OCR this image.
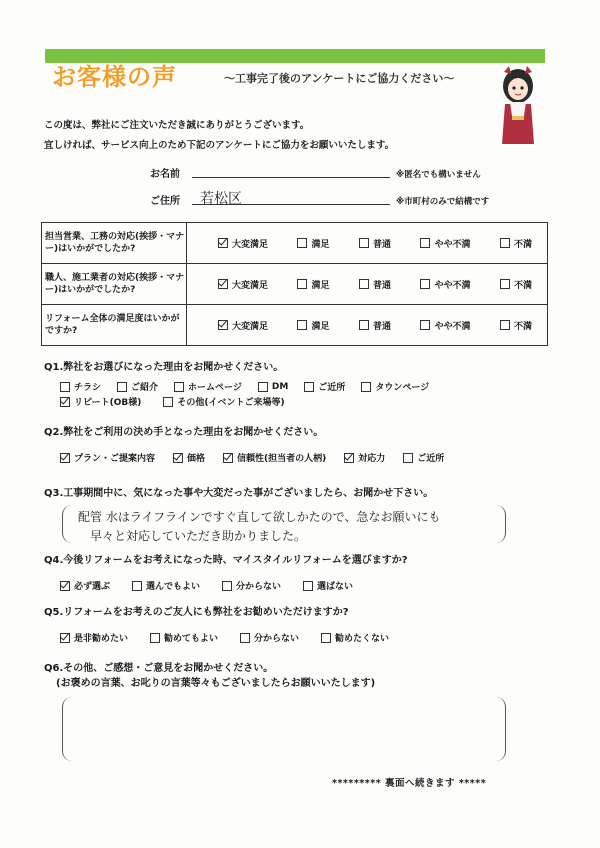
お客様の声	〜工事完了後のアンケートにご協力ください〜
この度は、弊社にご注文いただき誠にありがとうございます。
宜しければ、サービス向上のため下記のアンケートにご協力をお願いいたします。
お名前	※匿名でも構いません
ご住所 若松区	※市町村のみで結構です
担当営業、工務の対応(挨拶・マナー)はいかがでしたか?	大変満足 満足 普通 やや不満 不満

職人、施工業者の対応(挨拶・マナー)はいかがでしたか?	大変満足 満足 普通 やや不満 不満

リフォーム全体の満足度はいかがですか?	大変満足 満足 普通 やや不満 不満
Q1.弊社をお選びになった理由をお聞かせください。
チラシ	ご紹介	ホームページ	DM	ご近所	タウンページ
リピート(OB様)	その他(イベントご来場等)
Q2.弊社をご利用の決め手となった理由をお聞かせください。
プラン・ご提案内容	価格	信頼性(担当者の人柄)	対応力	ご近所
Q3.工事期間中に、気になった事や大変だった事がございましたら、お聞かせ下さい。
配管 水はライフラインですぐ直して欲しかたので、急なお願いにも
早々と対応していただき助かりました。
Q4.今後リフォームをお考えになった時、マイスタイルリフォームを選びますか?
必ず選ぶ	選んでもよい	分からない	選ばない
Q5.リフォームをお考えのご友人にも弊社をお勧めいただけますか?
是非勧めたい	勧めてもよい	分からない	勧めたくない
Q6.その他、ご感想・ご意見をお聞かせください。
(お褒めの言葉、お叱りの言葉等々もございましたらお願いいたします)
********* 裏面へ続きます *****
